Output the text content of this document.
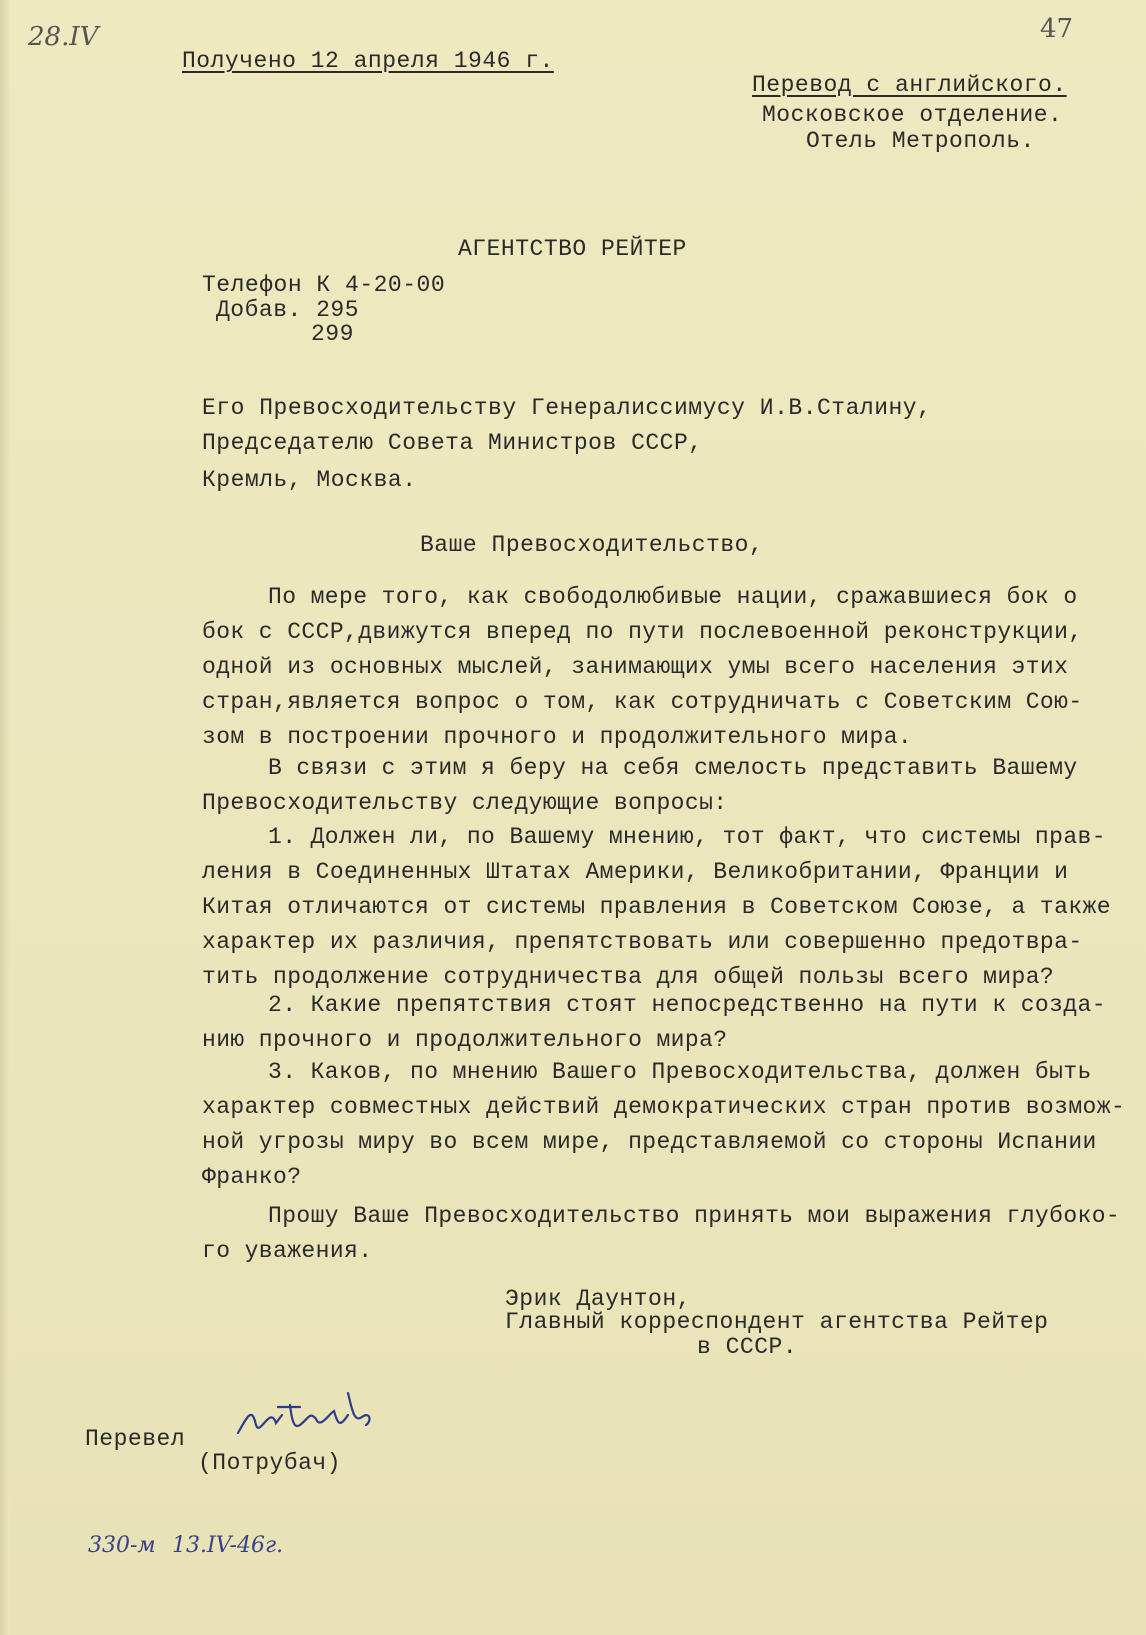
28.IV	47
Получено 12 апреля 1946 г.
Перевод с английского.
Московское отделение.
Отель Метрополь.
АГЕНТСТВО РЕЙТЕР
Телефон К 4-20-00
Добав. 295
299
Его Превосходительству Генералиссимусу И.В.Сталину,
Председателю Совета Министров СССР,
Кремль, Москва.
Ваше Превосходительство,
По мере того, как свободолюбивые нации, сражавшиеся бок о
бок с СССР,движутся вперед по пути послевоенной реконструкции,
одной из основных мыслей, занимающих умы всего населения этих
стран,является вопрос о том, как сотрудничать с Советским Сою-
зом в построении прочного и продолжительного мира.
В связи с этим я беру на себя смелость представить Вашему
Превосходительству следующие вопросы:
1. Должен ли, по Вашему мнению, тот факт, что системы прав-
ления в Соединенных Штатах Америки, Великобритании, Франции и
Китая отличаются от системы правления в Советском Союзе, а также
характер их различия, препятствовать или совершенно предотвра-
тить продолжение сотрудничества для общей пользы всего мира?
2. Какие препятствия стоят непосредственно на пути к созда-
нию прочного и продолжительного мира?
3. Каков, по мнению Вашего Превосходительства, должен быть
характер совместных действий демократических стран против возмож-
ной угрозы миру во всем мире, представляемой со стороны Испании
Франко?
Прошу Ваше Превосходительство принять мои выражения глубоко-
го уважения.
Эрик Даунтон,
Главный корреспондент агентства Рейтер
в СССР.
Перевел
(Потрубач)
330-м 13.IV-46г.
